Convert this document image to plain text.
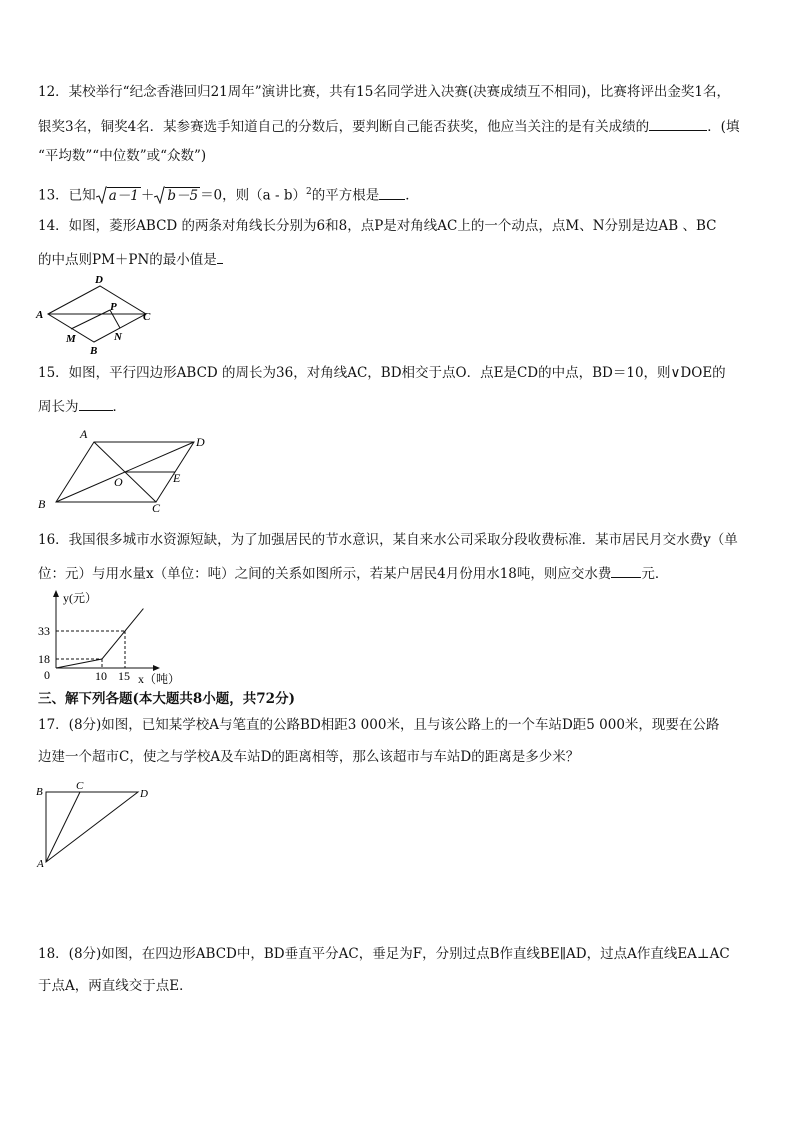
12．某校举行“纪念香港回归21周年”演讲比赛，共有15名同学进入决赛(决赛成绩互不相同)，比赛将评出金奖1名，
银奖3名，铜奖4名．某参赛选手知道自己的分数后，要判断自己能否获奖，他应当关注的是有关成绩的	．(填
“平均数”“中位数”或“众数”)
13．已知 a－1 ＋ b－5 ＝0，则（a - b）$^2$的平方根是 ．
14．如图，菱形ABCD 的两条对角线长分别为6和8，点P是对角线AC上的一个动点，点M、N分别是边AB 、BC
的中点则PM＋PN的最小值是
A
D
C
B
P
M	N
15．如图，平行四边形ABCD 的周长为36，对角线AC，BD相交于点O．点E是CD的中点，BD＝10，则∨DOE的
周长为	．
A
D
B	C
O	E
16．我国很多城市水资源短缺，为了加强居民的节水意识，某自来水公司采取分段收费标准．某市居民月交水费y（单
位：元）与用水量x（单位：吨）之间的关系如图所示，若某户居民4月份用水18吨，则应交水费 元．
10 15
18
33
y(元）
x（吨）
0
三、解下列各题(本大题共8小题，共72分)
17．(8分)如图，已知某学校A与笔直的公路BD相距3 000米，且与该公路上的一个车站D距5 000米，现要在公路
边建一个超市C，使之与学校A及车站D的距离相等，那么该超市与车站D的距离是多少米？
B	C
D
A
18．(8分)如图，在四边形ABCD中，BD垂直平分AC，垂足为F，分别过点B作直线BE∥AD，过点A作直线EA⊥AC
于点A，两直线交于点E．
